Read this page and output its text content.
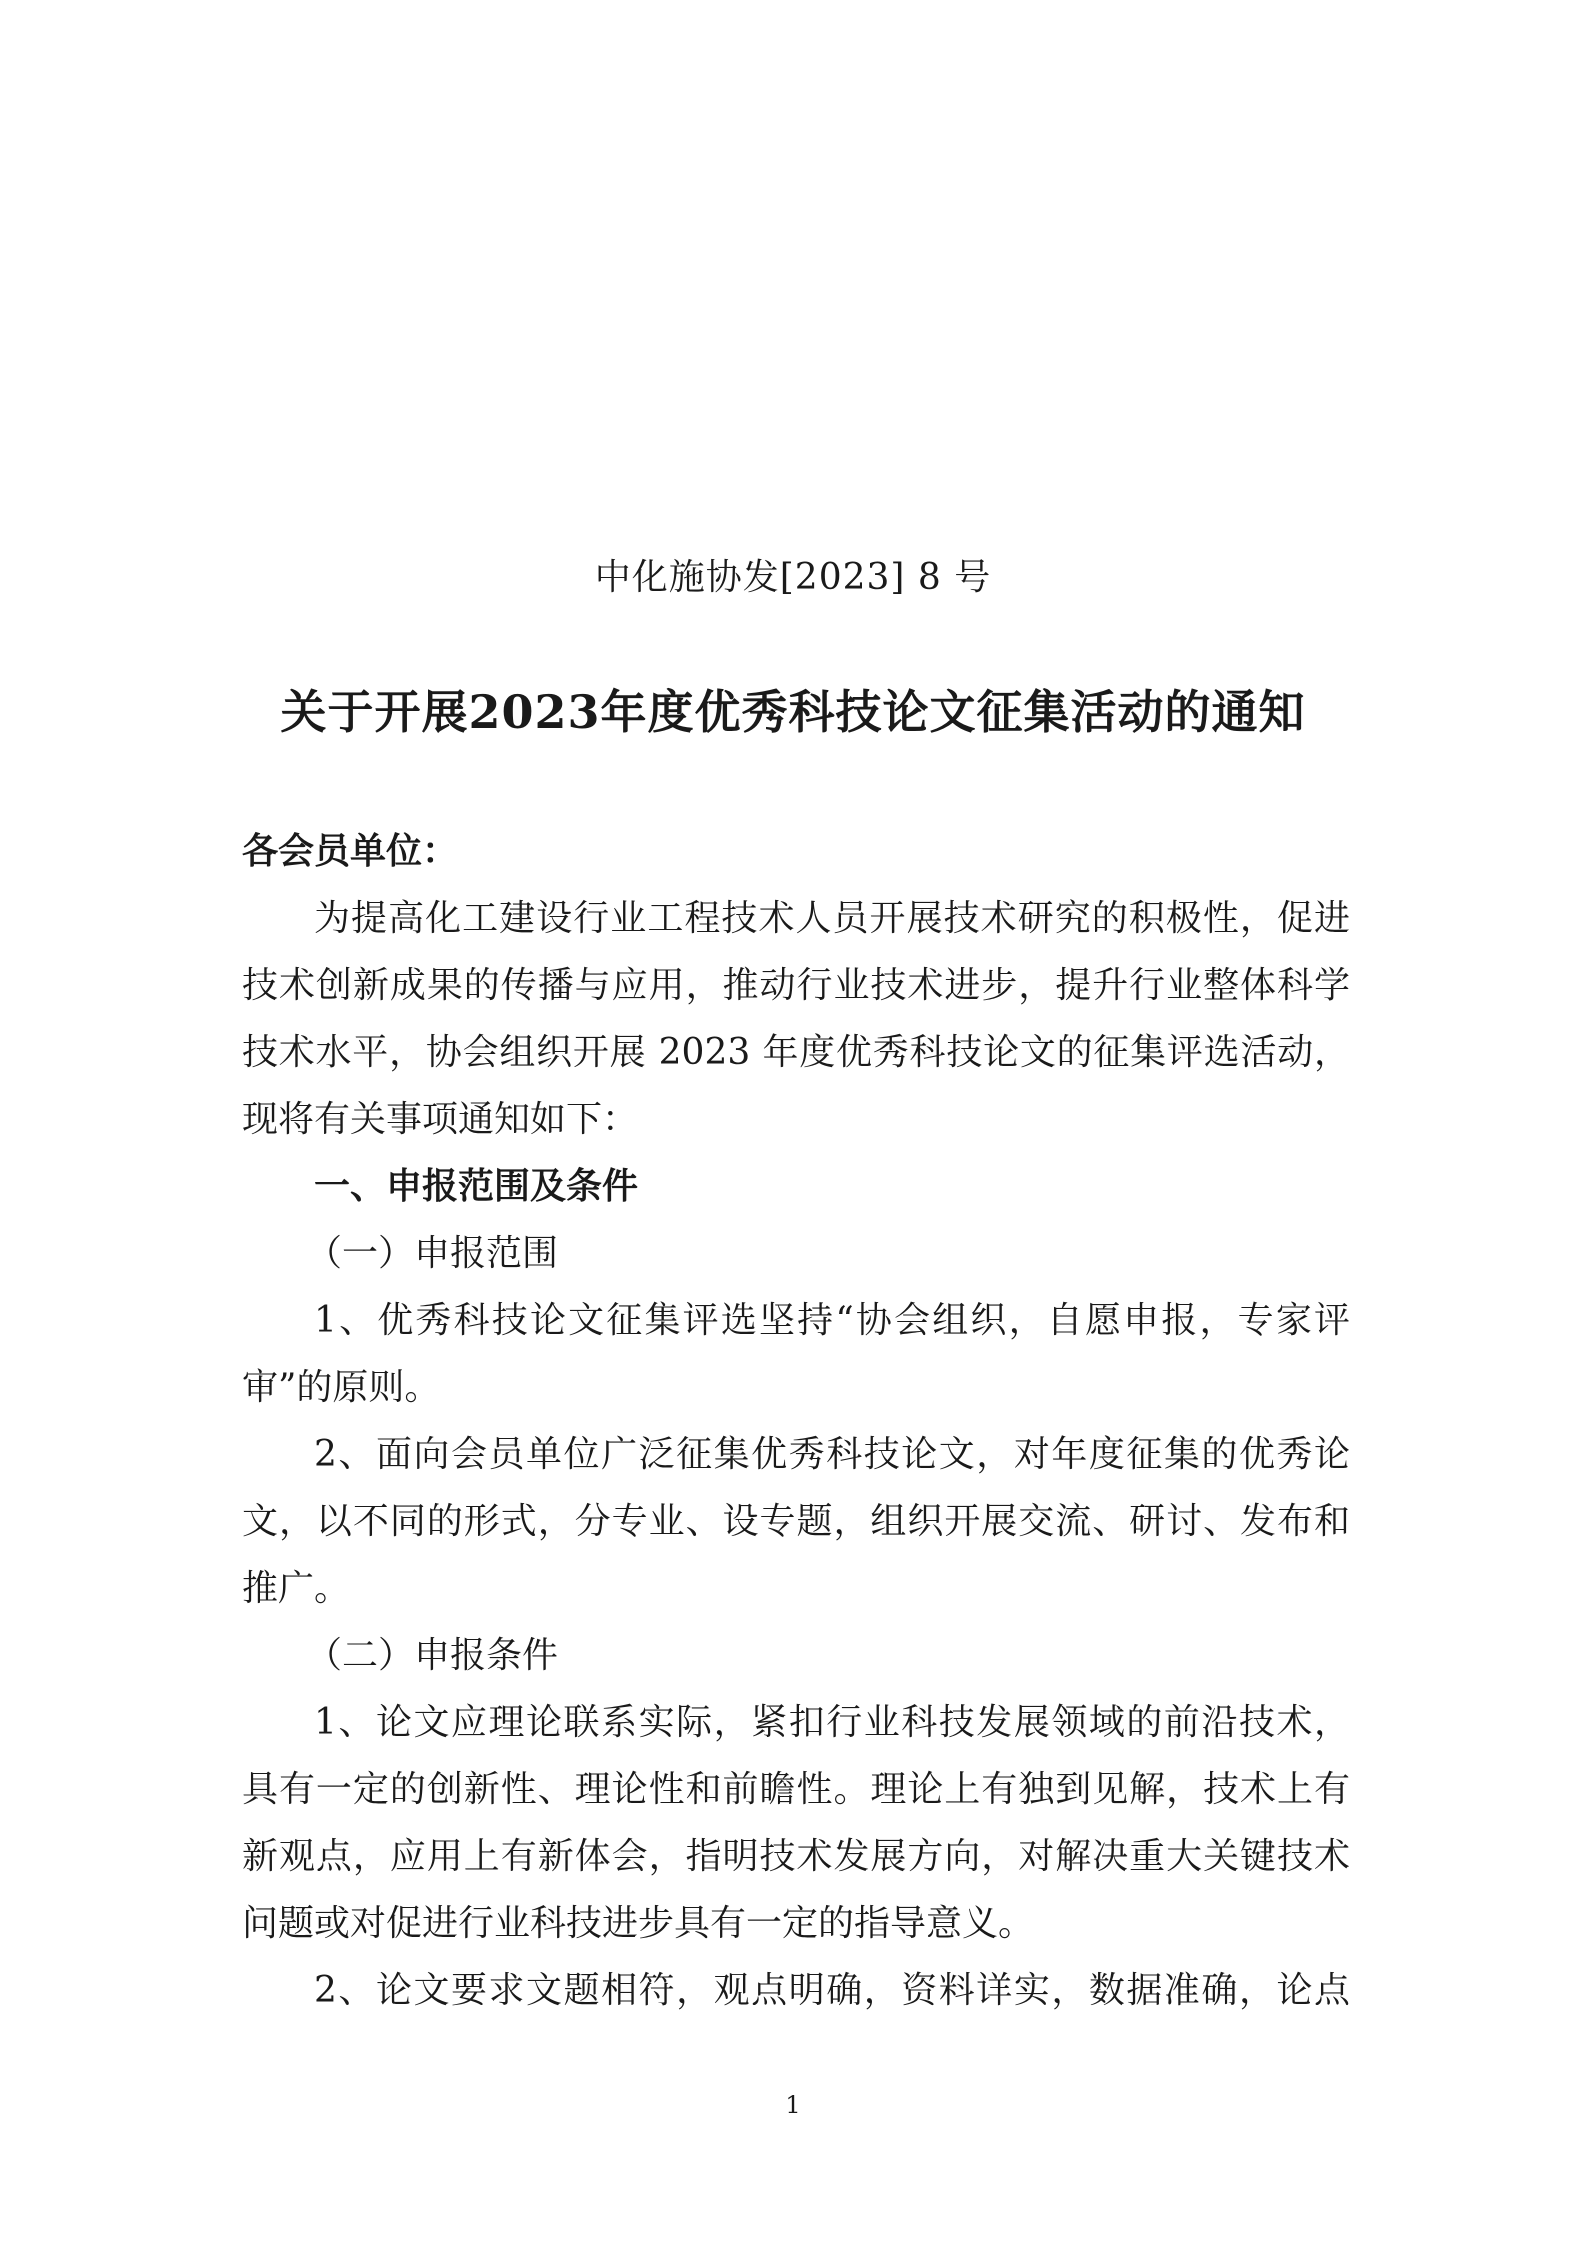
中化施协发[2023] 8 号
关于开展2023年度优秀科技论文征集活动的通知
各会员单位：
为提高化工建设行业工程技术人员开展技术研究的积极性，促进
技术创新成果的传播与应用，推动行业技术进步，提升行业整体科学
技术水平，协会组织开展 2023 年度优秀科技论文的征集评选活动，
现将有关事项通知如下：
一、申报范围及条件
（一）申报范围
1、优秀科技论文征集评选坚持“协会组织，自愿申报，专家评
审”的原则。
2、面向会员单位广泛征集优秀科技论文，对年度征集的优秀论
文，以不同的形式，分专业、设专题，组织开展交流、研讨、发布和
推广。
（二）申报条件
1、论文应理论联系实际，紧扣行业科技发展领域的前沿技术，
具有一定的创新性、理论性和前瞻性。理论上有独到见解，技术上有
新观点，应用上有新体会，指明技术发展方向，对解决重大关键技术
问题或对促进行业科技进步具有一定的指导意义。
2、论文要求文题相符，观点明确，资料详实，数据准确，论点
1
